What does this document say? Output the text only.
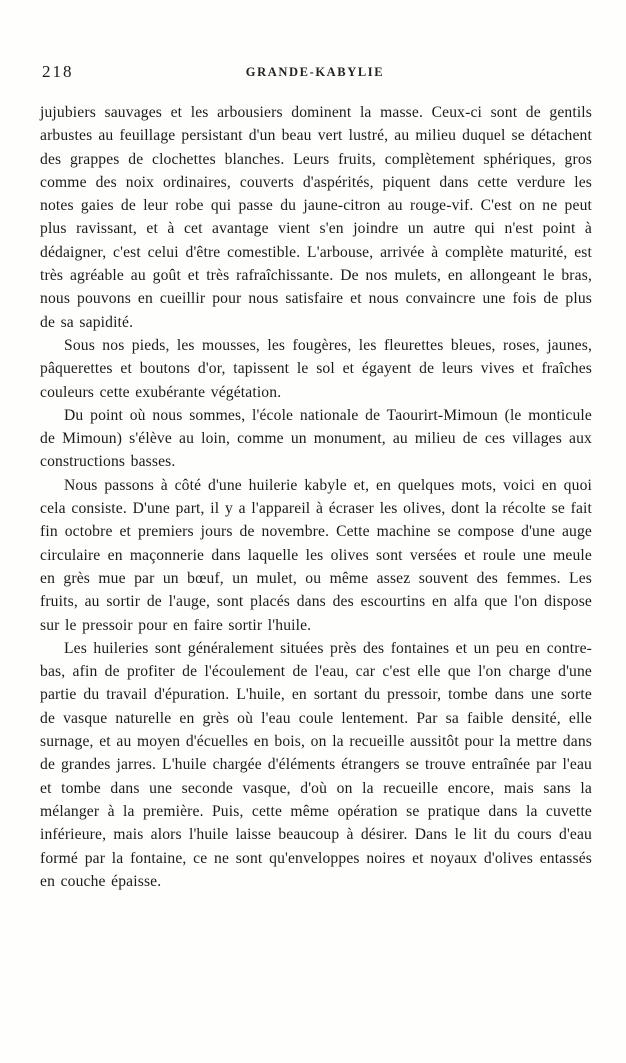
218	GRANDE-KABYLIE

jujubiers sauvages et les arbousiers dominent la masse. Ceux-ci sont de gentils arbustes au feuillage persistant d'un beau vert lustré, au milieu duquel se détachent des grappes de clochettes blanches. Leurs fruits, complètement sphériques, gros comme des noix ordinaires, couverts d'aspérités, piquent dans cette verdure les notes gaies de leur robe qui passe du jaune-citron au rouge-vif. C'est on ne peut plus ravissant, et à cet avantage vient s'en joindre un autre qui n'est point à dédaigner, c'est celui d'être comestible. L'arbouse, arrivée à complète maturité, est très agréable au goût et très rafraîchissante. De nos mulets, en allongeant le bras, nous pouvons en cueillir pour nous satisfaire et nous convaincre une fois de plus de sa sapidité.

Sous nos pieds, les mousses, les fougères, les fleurettes bleues, roses, jaunes, pâquerettes et boutons d'or, tapissent le sol et égayent de leurs vives et fraîches couleurs cette exubérante végétation.

Du point où nous sommes, l'école nationale de Taourirt-Mimoun (le monticule de Mimoun) s'élève au loin, comme un monument, au milieu de ces villages aux constructions basses.

Nous passons à côté d'une huilerie kabyle et, en quelques mots, voici en quoi cela consiste. D'une part, il y a l'appareil à écraser les olives, dont la récolte se fait fin octobre et premiers jours de novembre. Cette machine se compose d'une auge circulaire en maçonnerie dans laquelle les olives sont versées et roule une meule en grès mue par un bœuf, un mulet, ou même assez souvent des femmes. Les fruits, au sortir de l'auge, sont placés dans des escourtins en alfa que l'on dispose sur le pressoir pour en faire sortir l'huile.

Les huileries sont généralement situées près des fontaines et un peu en contre-bas, afin de profiter de l'écoulement de l'eau, car c'est elle que l'on charge d'une partie du travail d'épuration. L'huile, en sortant du pressoir, tombe dans une sorte de vasque naturelle en grès où l'eau coule lentement. Par sa faible densité, elle surnage, et au moyen d'écuelles en bois, on la recueille aussitôt pour la mettre dans de grandes jarres. L'huile chargée d'éléments étrangers se trouve entraînée par l'eau et tombe dans une seconde vasque, d'où on la recueille encore, mais sans la mélanger à la première. Puis, cette même opération se pratique dans la cuvette inférieure, mais alors l'huile laisse beaucoup à désirer. Dans le lit du cours d'eau formé par la fontaine, ce ne sont qu'enveloppes noires et noyaux d'olives entassés en couche épaisse.
